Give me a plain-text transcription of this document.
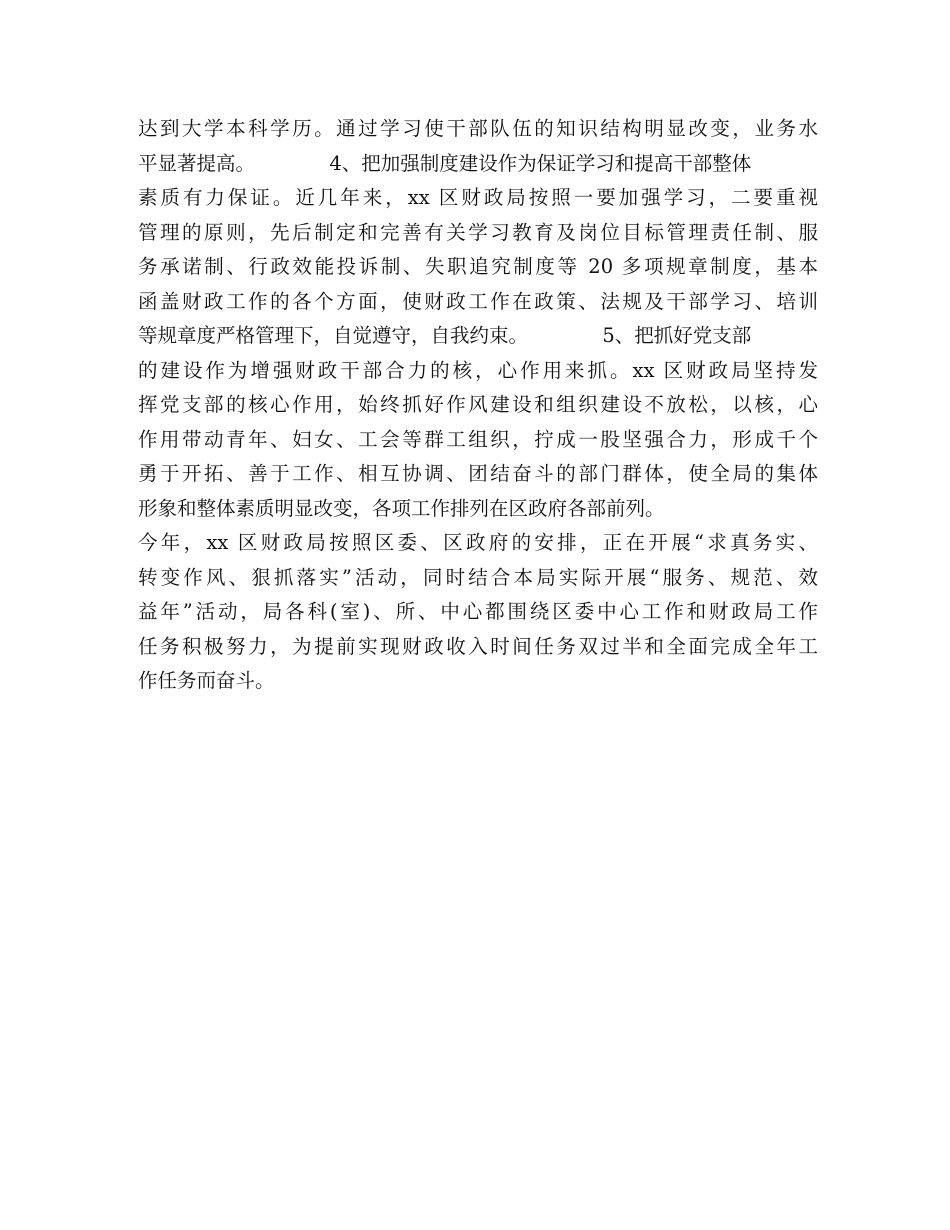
达到大学本科学历。通过学习使干部队伍的知识结构明显改变，业务水
平显著提高。            4、把加强制度建设作为保证学习和提高干部整体
素质有力保证。近几年来，xx 区财政局按照一要加强学习，二要重视
管理的原则，先后制定和完善有关学习教育及岗位目标管理责任制、服
务承诺制、行政效能投诉制、失职追究制度等 20 多项规章制度，基本
函盖财政工作的各个方面，使财政工作在政策、法规及干部学习、培训
等规章度严格管理下，自觉遵守，自我约束。            5、把抓好党支部
的建设作为增强财政干部合力的核，心作用来抓。xx 区财政局坚持发
挥党支部的核心作用，始终抓好作风建设和组织建设不放松，以核，心
作用带动青年、妇女、工会等群工组织，拧成一股坚强合力，形成千个
勇于开拓、善于工作、相互协调、团结奋斗的部门群体，使全局的集体
形象和整体素质明显改变，各项工作排列在区政府各部前列。
今年，xx 区财政局按照区委、区政府的安排，正在开展“求真务实、
转变作风、狠抓落实”活动，同时结合本局实际开展“服务、规范、效
益年”活动，局各科(室)、所、中心都围绕区委中心工作和财政局工作
任务积极努力，为提前实现财政收入时间任务双过半和全面完成全年工
作任务而奋斗。
